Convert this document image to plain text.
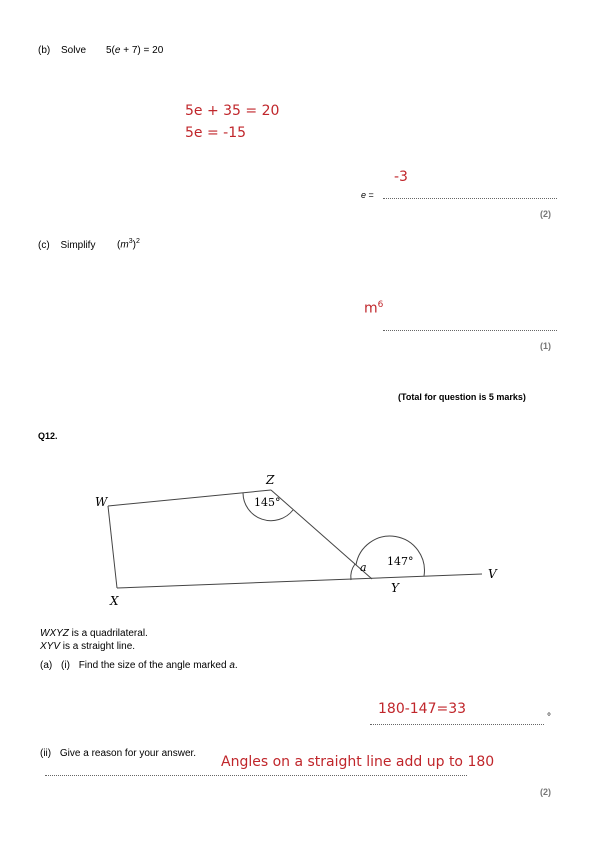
(b) Solve 5(e + 7) = 20
5e + 35 = 20
5e = -15
-3
e =
(2)
(c) Simplify $(m^3)^2$
$m^6$
(1)
(Total for question is 5 marks)
Q12.
W
Z
X
Y
V
145°
147°
a
WXYZ is a quadrilateral.
XYV is a straight line.
(a) (i) Find the size of the angle marked a.
180-147=33
°
(ii) Give a reason for your answer.
Angles on a straight line add up to 180
(2)
